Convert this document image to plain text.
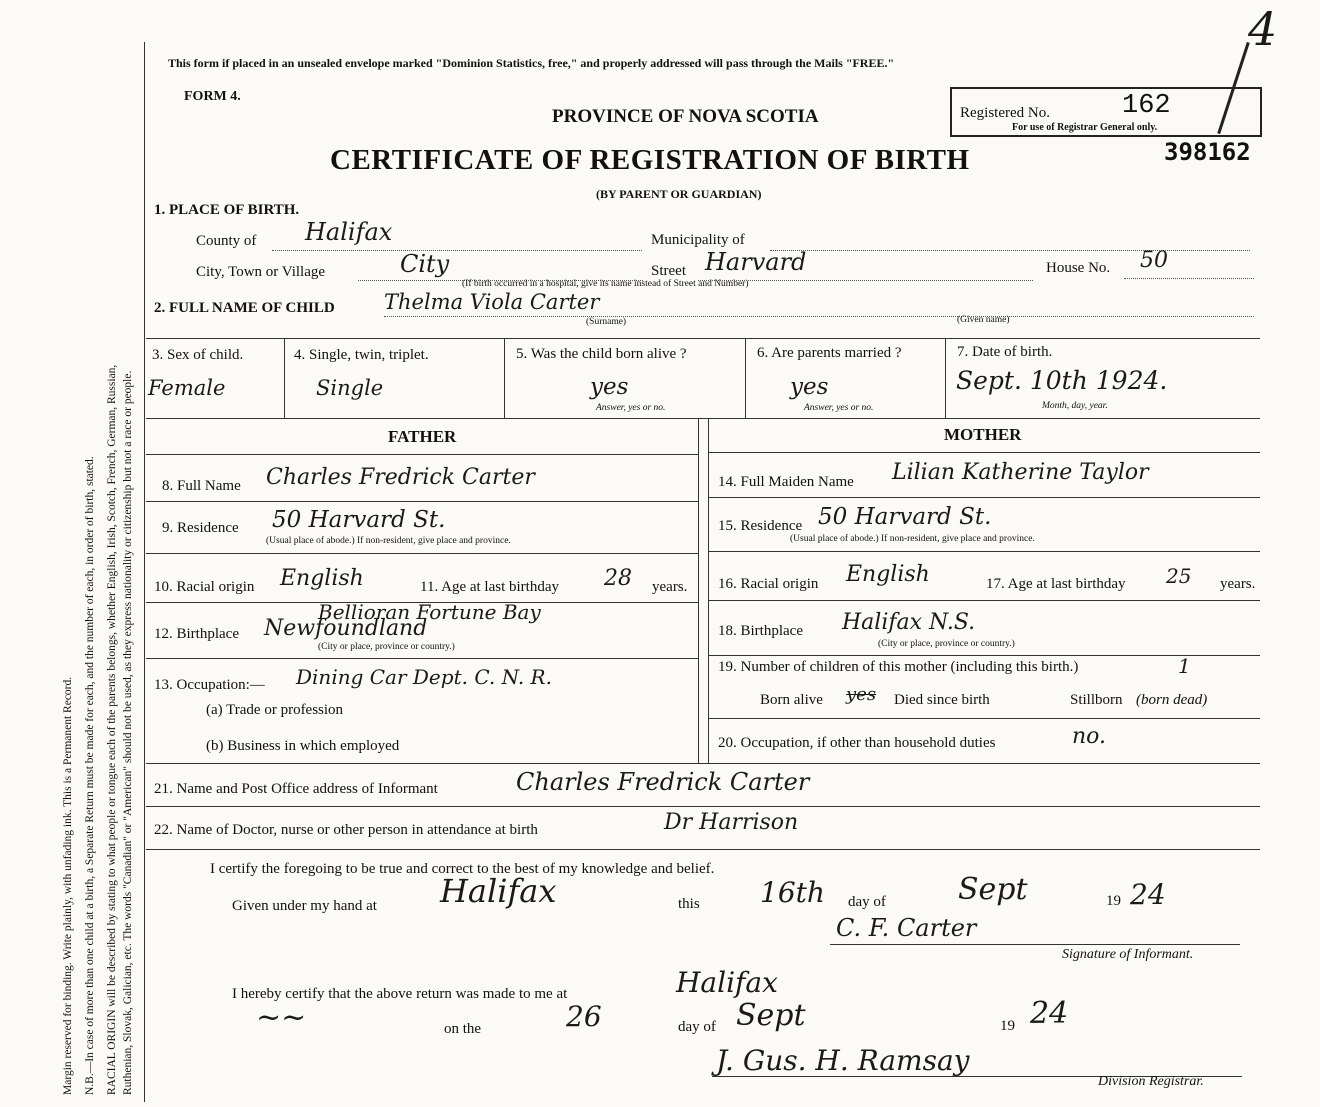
Margin reserved for binding. Write plainly, with unfading ink. This is a Permanent Record. N.B.—In case of more than one child at a birth, a Separate Return must be made for each, and the number of each, in order of birth, stated. RACIAL ORIGIN will be described by stating to what people or tongue each of the parents belongs, whether English, Irish, Scotch, French, German, Russian, Ruthenian, Slovak, Galician, etc. The words "Canadian" or "American" should not be used, as they express nationality or citizenship but not a race or people.
This form if placed in an unsealed envelope marked "Dominion Statistics, free," and properly addressed will pass through the Mails "FREE."
FORM 4.
PROVINCE OF NOVA SCOTIA
CERTIFICATE OF REGISTRATION OF BIRTH
(BY PARENT OR GUARDIAN)
Registered No.	162
For use of Registrar General only.
4
398162
1. PLACE OF BIRTH.
County of Halifax	Municipality of
City, Town or Village	City
(If birth occurred in a hospital, give its name instead of Street and Number)
Street Harvard	House No. 50
2. FULL NAME OF CHILD Thelma Viola Carter
(Surname)	(Given name)
3. Sex of child.
Female
4. Single, twin, triplet.
Single
5. Was the child born alive ?
yes
Answer, yes or no.
6. Are parents married ?
yes
Answer, yes or no.
7. Date of birth.
Sept. 10th 1924.
Month, day, year.
FATHER	MOTHER
8. Full Name Charles Fredrick Carter
9. Residence 50 Harvard St.
(Usual place of abode.) If non-resident, give place and province.
10. Racial origin English	11. Age at last birthday 28 years.
12. Birthplace
Bellioran Fortune Bay
Newfoundland
(City or place, province or country.)
13. Occupation:— Dining Car Dept. C. N. R.
(a) Trade or profession
(b) Business in which employed
14. Full Maiden Name Lilian Katherine Taylor
15. Residence 50 Harvard St.
(Usual place of abode.) If non-resident, give place and province.
16. Racial origin English	17. Age at last birthday 25 years.
18. Birthplace Halifax N.S.
(City or place, province or country.)
19. Number of children of this mother (including this birth.)	1
Born alive yes Died since birth	Stillborn (born dead)
20. Occupation, if other than household duties	no.
21. Name and Post Office address of Informant	Charles Fredrick Carter
22. Name of Doctor, nurse or other person in attendance at birth	Dr Harrison
I certify the foregoing to be true and correct to the best of my knowledge and belief.
Given under my hand at Halifax	this 16th day of Sept	19 24
C. F. Carter
Signature of Informant.
I hereby certify that the above return was made to me at	Halifax
~~	on the	26	day of Sept	19 24
J. Gus. H. Ramsay
Division Registrar.
